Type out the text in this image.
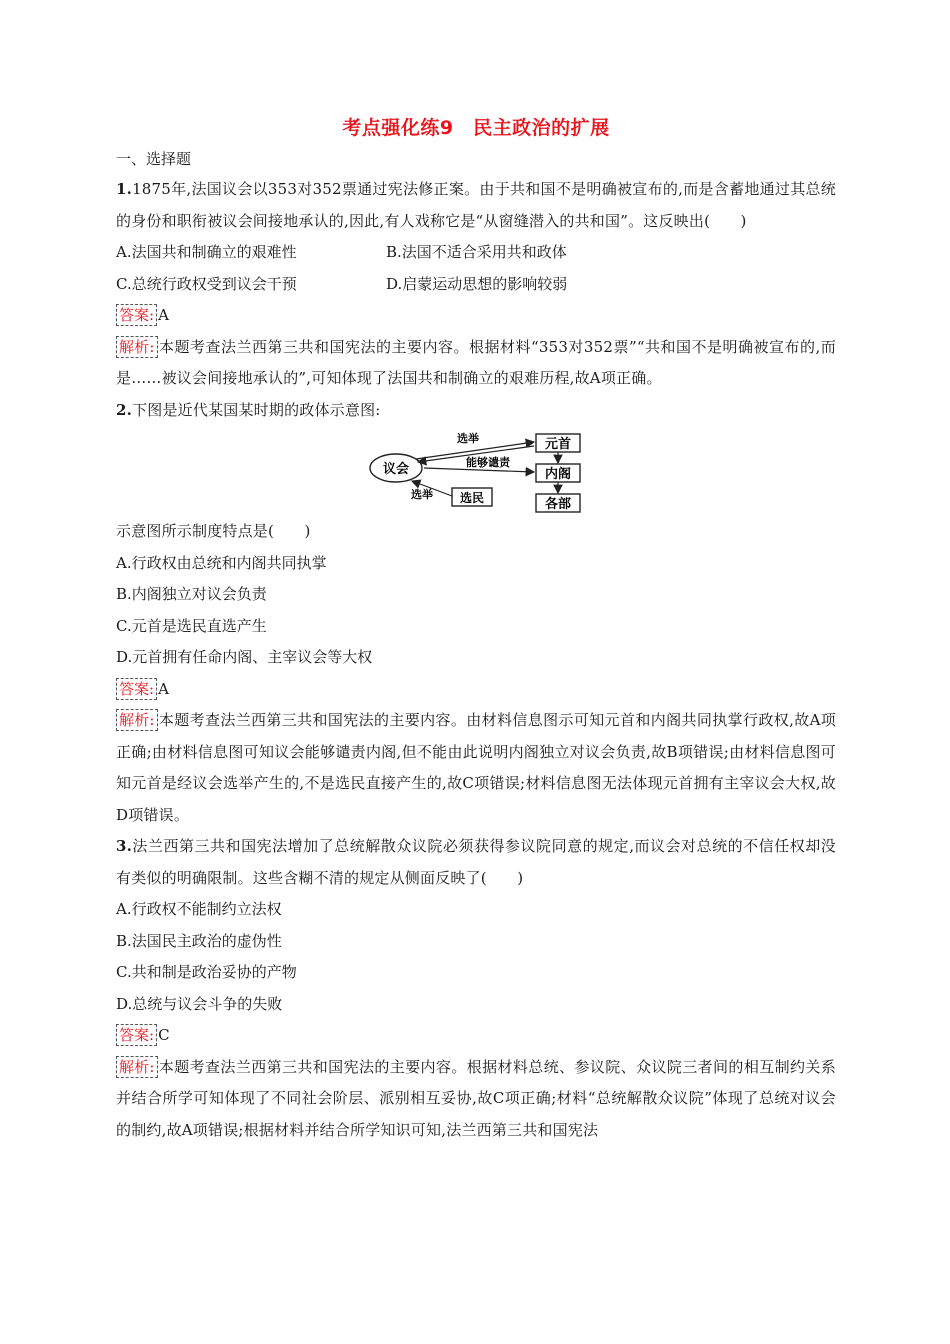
考点强化练9　民主政治的扩展
一、选择题

1.1875年,法国议会以353对352票通过宪法修正案。由于共和国不是明确被宣布的,而是含蓄地通过其总统的身份和职衔被议会间接地承认的,因此,有人戏称它是“从窗缝潜入的共和国”。这反映出(　　)

A.法国共和制确立的艰难性	B.法国不适合采用共和政体
C.总统行政权受到议会干预	D.启蒙运动思想的影响较弱
答案: A

解析: 本题考查法兰西第三共和国宪法的主要内容。根据材料“353对352票”“共和国不是明确被宣布的,而是……被议会间接地承认的”,可知体现了法国共和制确立的艰难历程,故A项正确。

2.下图是近代某国某时期的政体示意图:

议会
元首
内阁
各部
选民
选举
能够谴责
选举

示意图所示制度特点是(　　)

A.行政权由总统和内阁共同执掌
B.内阁独立对议会负责
C.元首是选民直选产生
D.元首拥有任命内阁、主宰议会等大权
答案: A

解析: 本题考查法兰西第三共和国宪法的主要内容。由材料信息图示可知元首和内阁共同执掌行政权,故A项正确;由材料信息图可知议会能够谴责内阁,但不能由此说明内阁独立对议会负责,故B项错误;由材料信息图可知元首是经议会选举产生的,不是选民直接产生的,故C项错误;材料信息图无法体现元首拥有主宰议会大权,故D项错误。

3.法兰西第三共和国宪法增加了总统解散众议院必须获得参议院同意的规定,而议会对总统的不信任权却没有类似的明确限制。这些含糊不清的规定从侧面反映了(　　)

A.行政权不能制约立法权
B.法国民主政治的虚伪性
C.共和制是政治妥协的产物
D.总统与议会斗争的失败
答案: C

解析: 本题考查法兰西第三共和国宪法的主要内容。根据材料总统、参议院、众议院三者间的相互制约关系并结合所学可知体现了不同社会阶层、派别相互妥协,故C项正确;材料“总统解散众议院”体现了总统对议会的制约,故A项错误;根据材料并结合所学知识可知,法兰西第三共和国宪法
